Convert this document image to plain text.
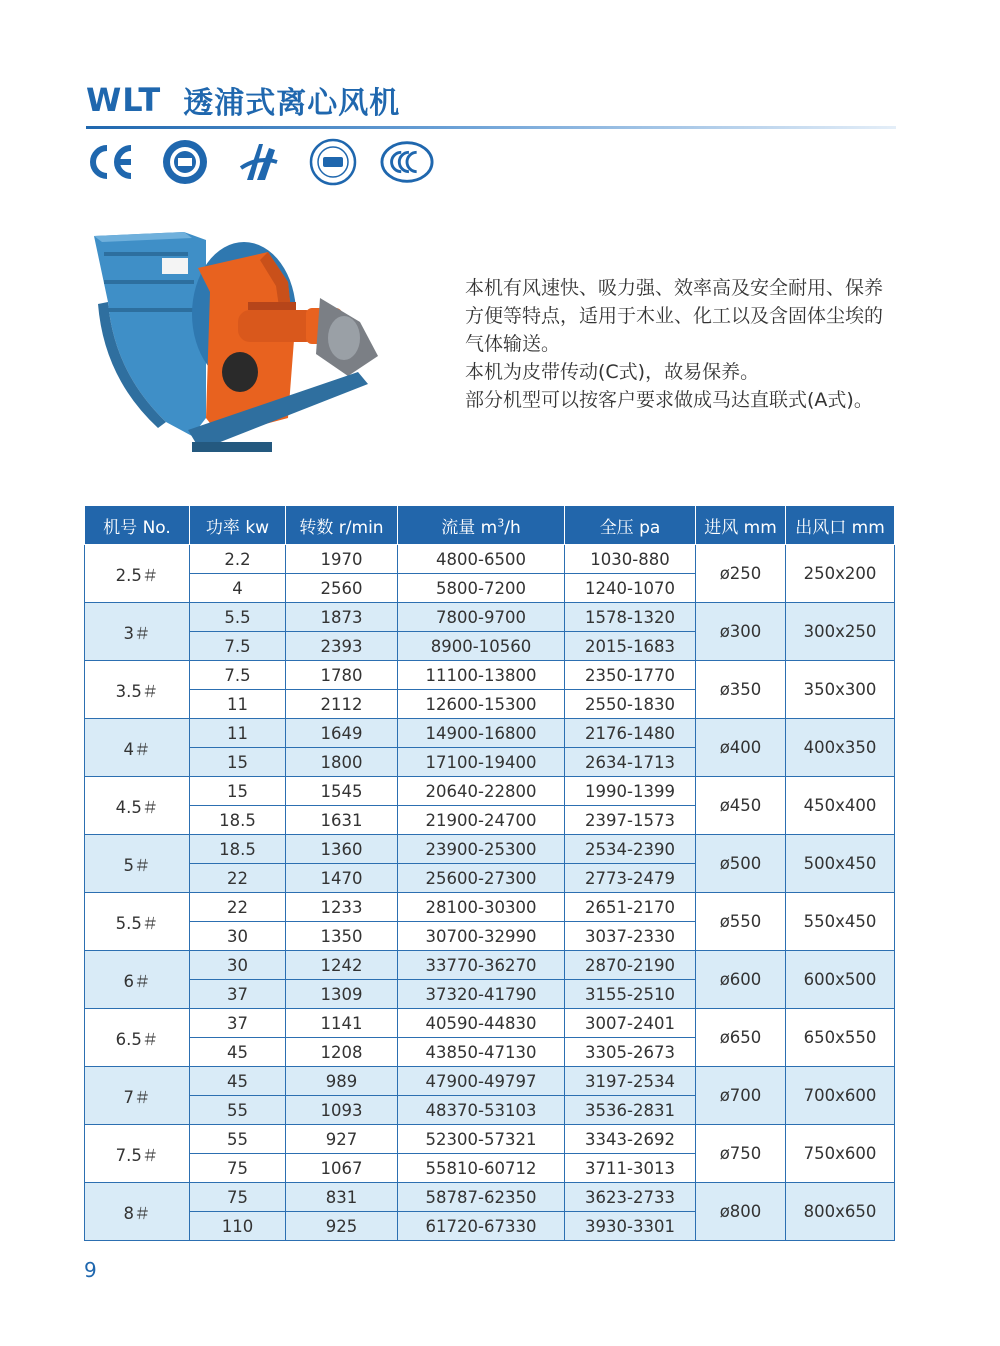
WLT 透浦式离心风机

本机有风速快、吸力强、效率高及安全耐用、保养

方便等特点，适用于木业、化工以及含固体尘埃的

气体输送。

本机为皮带传动(C式)，故易保养。

部分机型可以按客户要求做成马达直联式(A式)。

机号 No.	功率 kw	转数 r/min	流量 $m^3/h$	全压 pa	进风 mm	出风口 mm
2.5＃	2.2	1970	4800-6500	1030-880	ø250	250x200
	4	2560	5800-7200	1240-1070		
3＃	5.5	1873	7800-9700	1578-1320	ø300	300x250
	7.5	2393	8900-10560	2015-1683		
3.5＃	7.5	1780	11100-13800	2350-1770	ø350	350x300
	11	2112	12600-15300	2550-1830		
4＃	11	1649	14900-16800	2176-1480	ø400	400x350
	15	1800	17100-19400	2634-1713		
4.5＃	15	1545	20640-22800	1990-1399	ø450	450x400
	18.5	1631	21900-24700	2397-1573		
5＃	18.5	1360	23900-25300	2534-2390	ø500	500x450
	22	1470	25600-27300	2773-2479		
5.5＃	22	1233	28100-30300	2651-2170	ø550	550x450
	30	1350	30700-32990	3037-2330		
6＃	30	1242	33770-36270	2870-2190	ø600	600x500
	37	1309	37320-41790	3155-2510		
6.5＃	37	1141	40590-44830	3007-2401	ø650	650x550
	45	1208	43850-47130	3305-2673		
7＃	45	989	47900-49797	3197-2534	ø700	700x600
	55	1093	48370-53103	3536-2831		
7.5＃	55	927	52300-57321	3343-2692	ø750	750x600
	75	1067	55810-60712	3711-3013		
8＃	75	831	58787-62350	3623-2733	ø800	800x650
	110	925	61720-67330	3930-3301		
9
